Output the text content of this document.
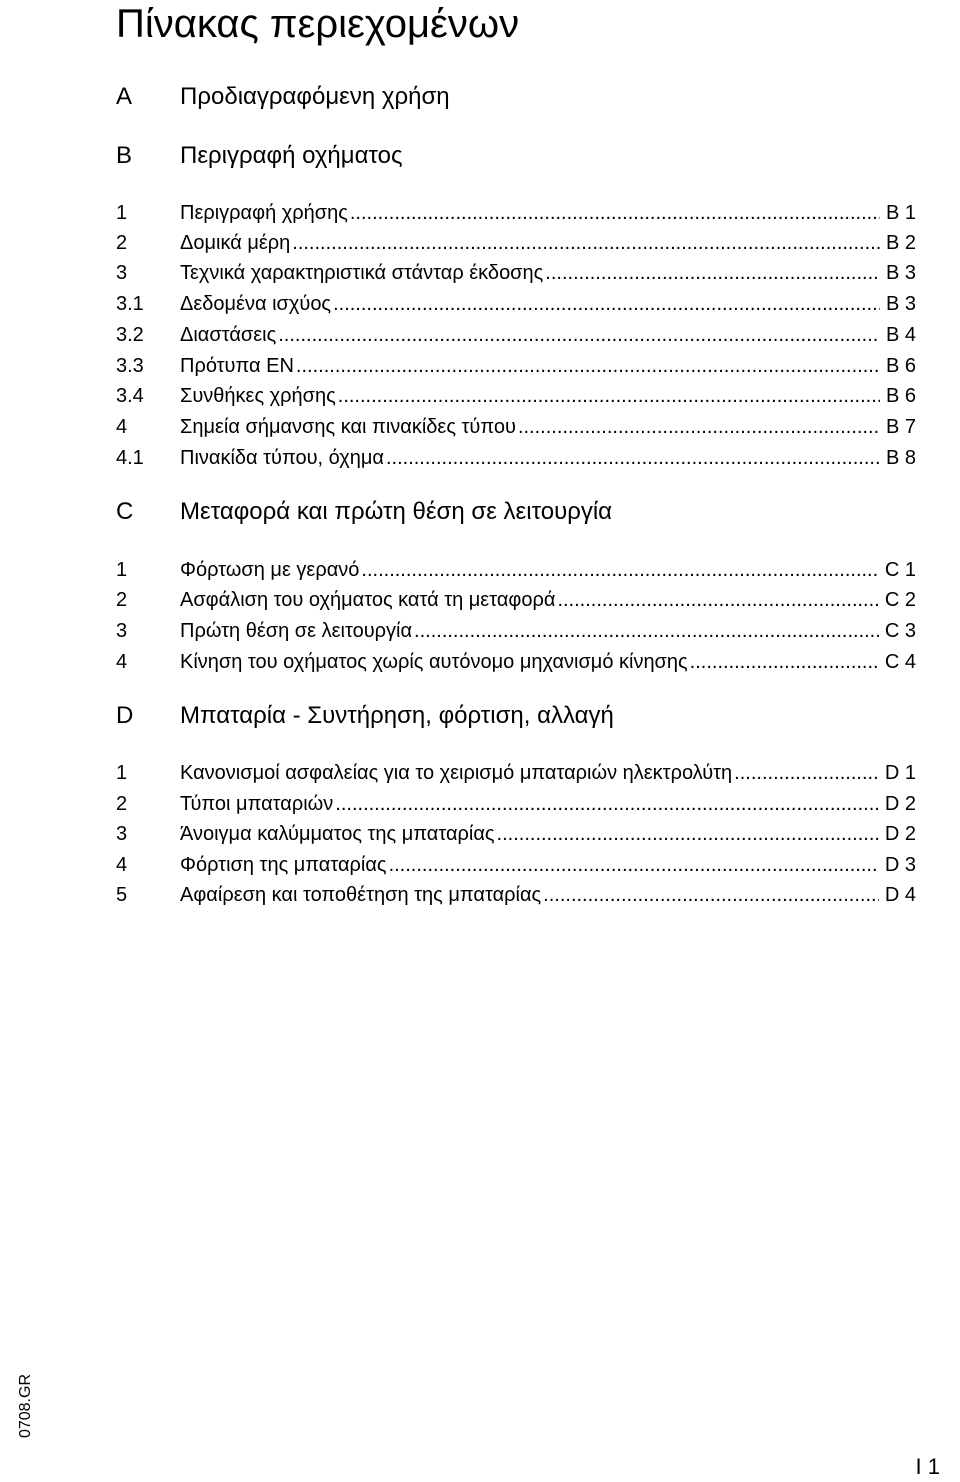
Πίνακας περιεχομένων
A Προδιαγραφόμενη χρήση
B Περιγραφή οχήματος
1	Περιγραφή χρήσης .....	B 1
2	Δομικά μέρη .....	B 2
3	Τεχνικά χαρακτηριστικά στάνταρ έκδοσης .....	B 3
3.1	Δεδομένα ισχύος .....	B 3
3.2	Διαστάσεις .....	B 4
3.3	Πρότυπα EN .....	B 6
3.4	Συνθήκες χρήσης .....	B 6
4	Σημεία σήμανσης και πινακίδες τύπου .....	B 7
4.1	Πινακίδα τύπου, όχημα .....	B 8
C Μεταφορά και πρώτη θέση σε λειτουργία
1	Φόρτωση με γερανό .....	C 1
2	Ασφάλιση του οχήματος κατά τη μεταφορά .....	C 2
3	Πρώτη θέση σε λειτουργία .....	C 3
4	Κίνηση του οχήματος χωρίς αυτόνομο μηχανισμό κίνησης .....	C 4
D Μπαταρία - Συντήρηση, φόρτιση, αλλαγή
1	Κανονισμοί ασφαλείας για το χειρισμό μπαταριών ηλεκτρολύτη .....	D 1
2	Τύποι μπαταριών .....	D 2
3	Άνοιγμα καλύμματος της μπαταρίας .....	D 2
4	Φόρτιση της μπαταρίας .....	D 3
5	Αφαίρεση και τοποθέτηση της μπαταρίας .....	D 4
0708.GR
I 1
